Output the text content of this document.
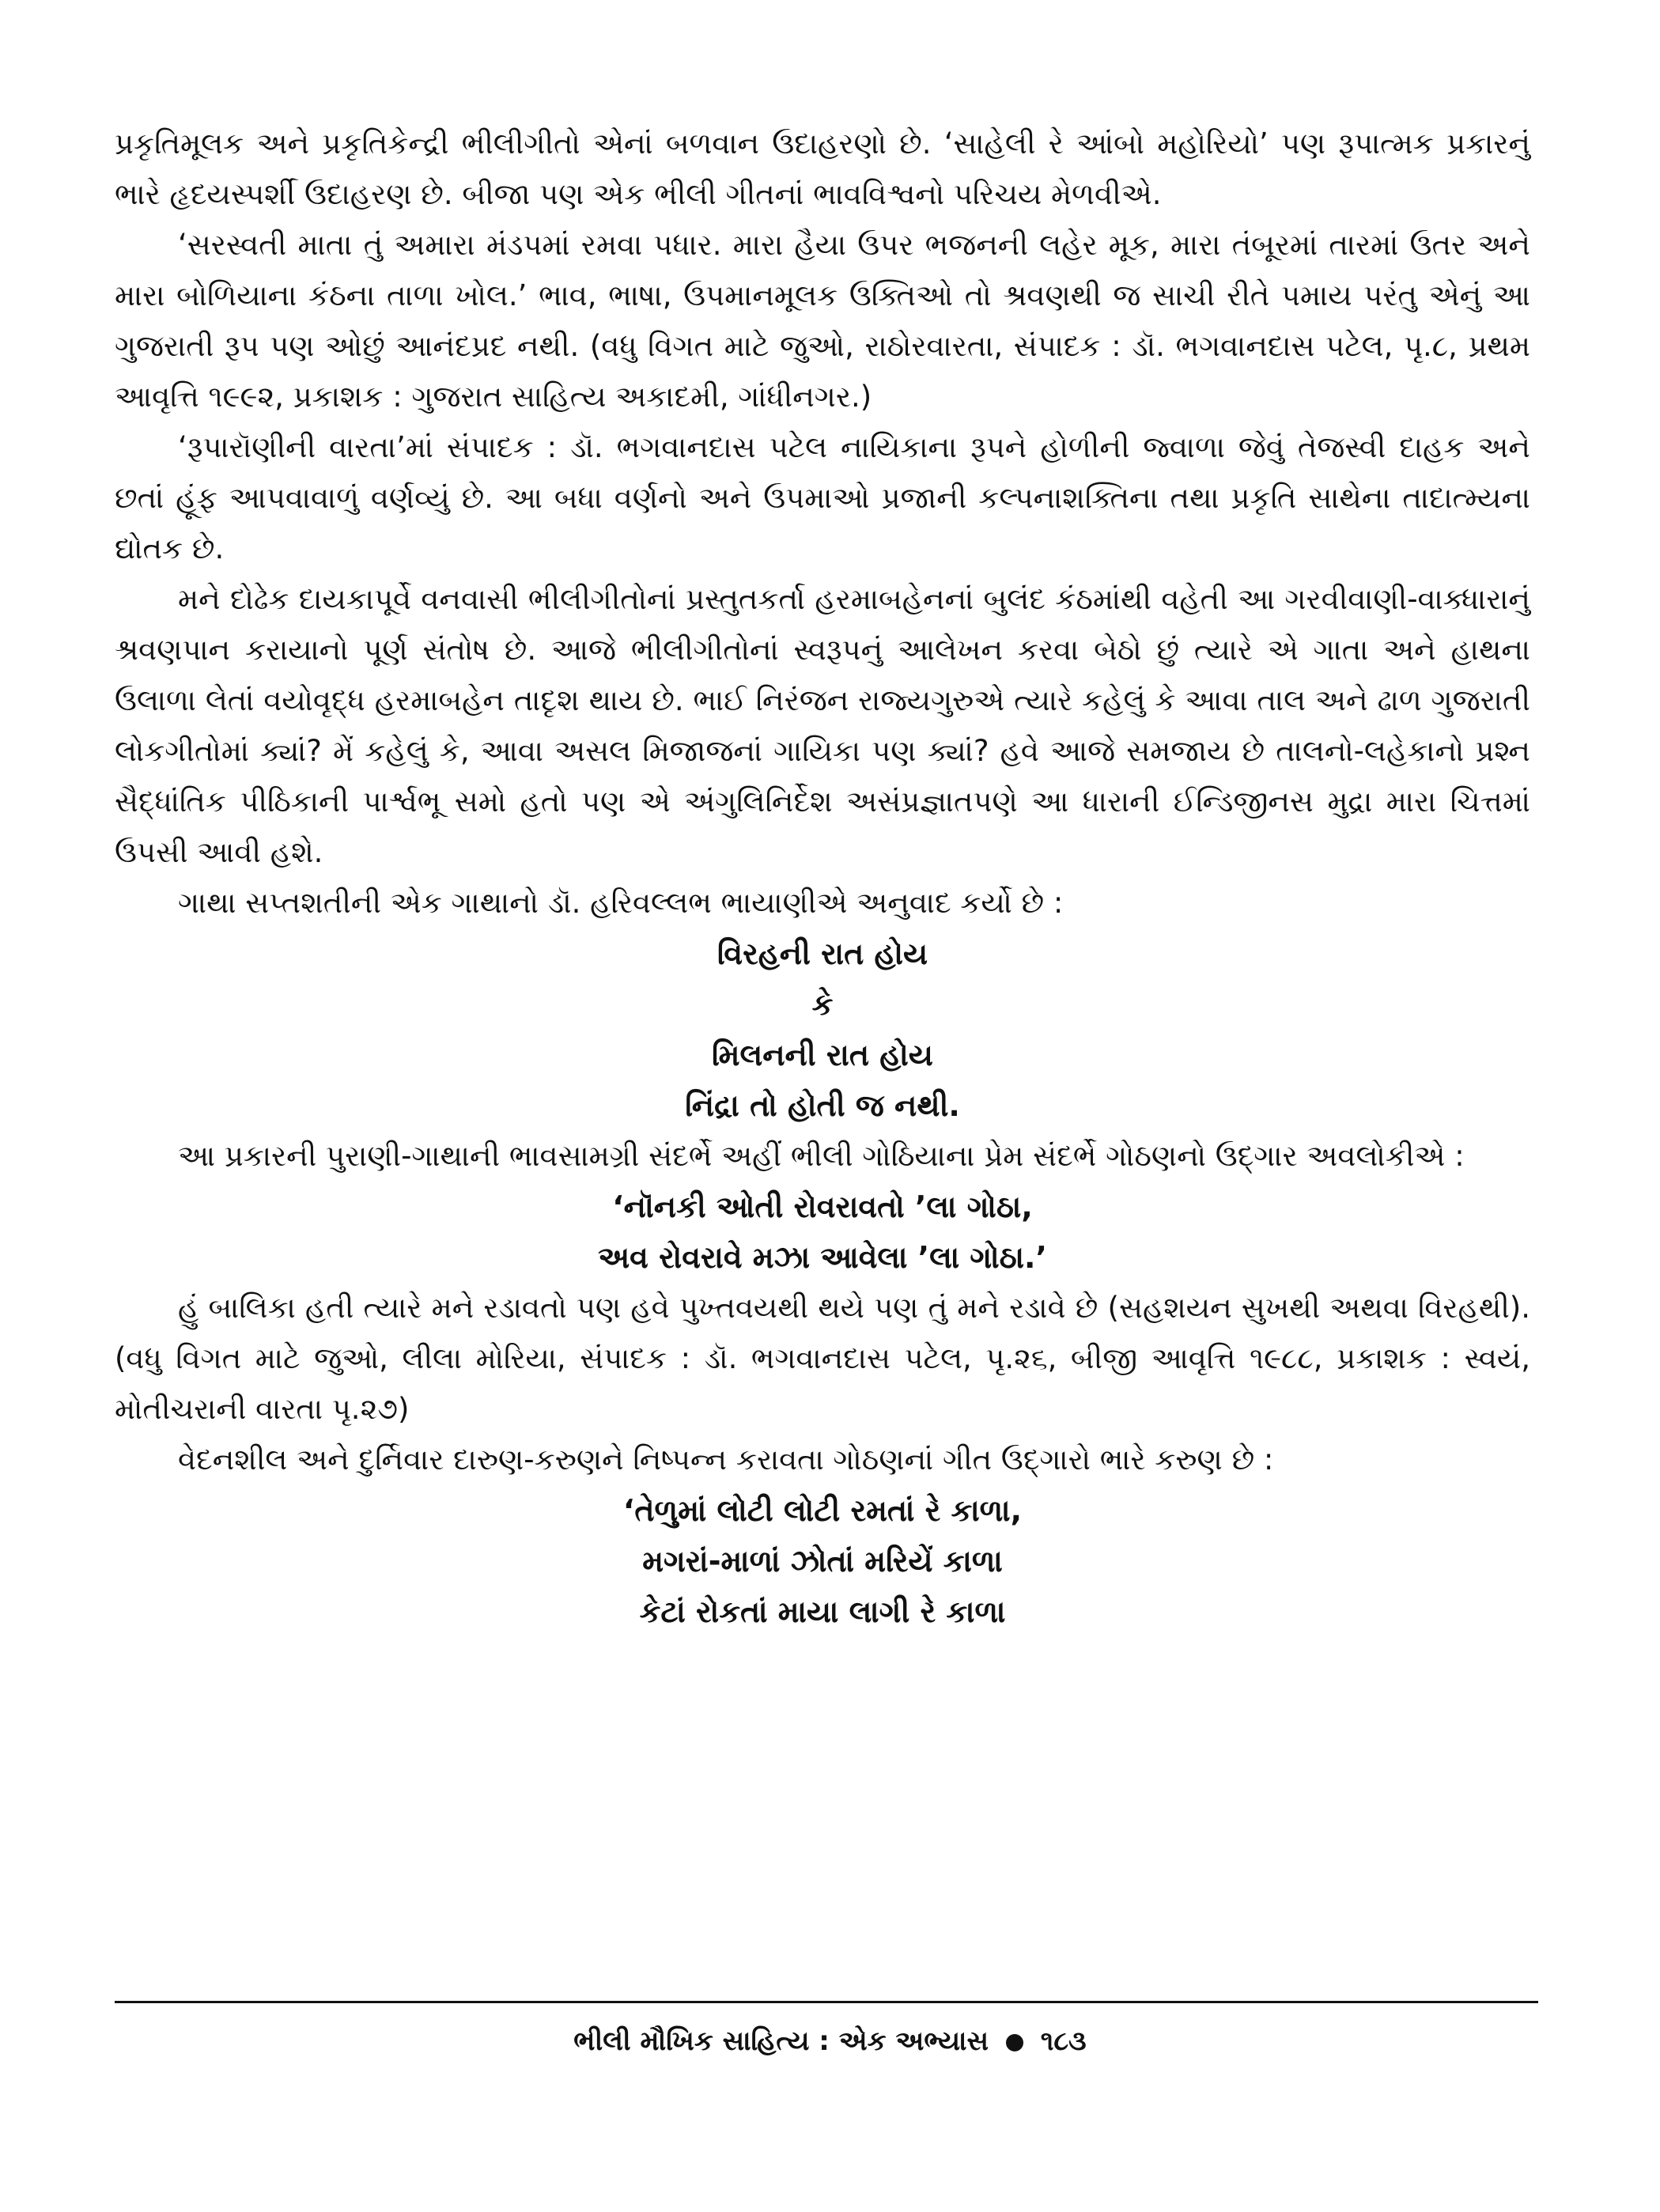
પ્રકૃતિમૂલક અને પ્રકૃતિકેન્દ્રી ભીલીગીતો એનાં બળવાન ઉદાહરણો છે. ‘સાહેલી રે આંબો મહોરિયો’ પણ રૂપાત્મક પ્રકારનું ભારે હૃદયસ્પર્શી ઉદાહરણ છે. બીજા પણ એક ભીલી ગીતનાં ભાવવિશ્વનો પરિચય મેળવીએ.

‘સરસ્વતી માતા તું અમારા મંડપમાં રમવા પધાર. મારા હૈયા ઉપર ભજનની લહેર મૂક, મારા તંબૂરમાં તારમાં ઉતર અને મારા બોળિયાના કંઠના તાળા ખોલ.’ ભાવ, ભાષા, ઉપમાનમૂલક ઉક્તિઓ તો શ્રવણથી જ સાચી રીતે પમાય પરંતુ એનું આ ગુજરાતી રૂપ પણ ઓછું આનંદપ્રદ નથી. (વધુ વિગત માટે જુઓ, રાઠોરવારતા, સંપાદક : ડૉ. ભગવાનદાસ પટેલ, પૃ.૮, પ્રથમ આવૃત્તિ ૧૯૯૨, પ્રકાશક : ગુજરાત સાહિત્ય અકાદમી, ગાંધીનગર.)

‘રૂપારૉણીની વારતા’માં સંપાદક : ડૉ. ભગવાનદાસ પટેલ નાયિકાના રૂપને હોળીની જ્વાળા જેવું તેજસ્વી દાહક અને છતાં હૂંફ આપવાવાળું વર્ણવ્યું છે. આ બધા વર્ણનો અને ઉપમાઓ પ્રજાની કલ્પનાશક્તિના તથા પ્રકૃતિ સાથેના તાદાત્મ્યના દ્યોતક છે.

મને દોઢેક દાયકાપૂર્વે વનવાસી ભીલીગીતોનાં પ્રસ્તુતકર્તા હરમાબહેનનાં બુલંદ કંઠમાંથી વહેતી આ ગરવીવાણી-વાક્ધારાનું શ્રવણપાન કરાયાનો પૂર્ણ સંતોષ છે. આજે ભીલીગીતોનાં સ્વરૂપનું આલેખન કરવા બેઠો છું ત્યારે એ ગાતા અને હાથના ઉલાળા લેતાં વયોવૃદ્ધ હરમાબહેન તાદૃશ થાય છે. ભાઈ નિરંજન રાજ્યગુરુએ ત્યારે કહેલું કે આવા તાલ અને ઢાળ ગુજરાતી લોકગીતોમાં ક્યાં? મેં કહેલું કે, આવા અસલ મિજાજનાં ગાયિકા પણ ક્યાં? હવે આજે સમજાય છે તાલનો-લહેકાનો પ્રશ્ન સૈદ્ધાંતિક પીઠિકાની પાર્શ્વભૂ સમો હતો પણ એ અંગુલિનિર્દેશ અસંપ્રજ્ઞાતપણે આ ધારાની ઈન્ડિજીનસ મુદ્રા મારા ચિત્તમાં ઉપસી આવી હશે.

ગાથા સપ્તશતીની એક ગાથાનો ડૉ. હરિવલ્લભ ભાયાણીએ અનુવાદ કર્યો છે :

વિરહની રાત હોય
કે
મિલનની રાત હોય
નિંદ્રા તો હોતી જ નથી.

આ પ્રકારની પુરાણી-ગાથાની ભાવસામગ્રી સંદર્ભે અહીં ભીલી ગોઠિયાના પ્રેમ સંદર્ભે ગોઠણનો ઉદ્‌ગાર અવલોકીએ :

‘નૉનકી ઓતી રોવરાવતો ’લા ગોઠા,
અવ રોવરાવે મઝા આવેલા ’લા ગોઠા.’

હું બાલિકા હતી ત્યારે મને રડાવતો પણ હવે પુખ્તવયથી થયે પણ તું મને રડાવે છે (સહશયન સુખથી અથવા વિરહથી). (વધુ વિગત માટે જુઓ, લીલા મોરિયા, સંપાદક : ડૉ. ભગવાનદાસ પટેલ, પૃ.૨૬, બીજી આવૃત્તિ ૧૯૮૮, પ્રકાશક : સ્વયં, મોતીચરાની વારતા પૃ.૨૭)

વેદનશીલ અને દુર્નિવાર દારુણ-કરુણને નિષ્પન્ન કરાવતા ગોઠણનાં ગીત ઉદ્‌ગારો ભારે કરુણ છે :

‘તેળુમાં લોટી લોટી રમતાં રે કાળા,
મગરાં-માળાં ઝોતાં મરિયેં કાળા
કેટાં રોકતાં માયા લાગી રે કાળા
ભીલી મૌખિક સાહિત્ય : એક અભ્યાસ ૧૮૩
